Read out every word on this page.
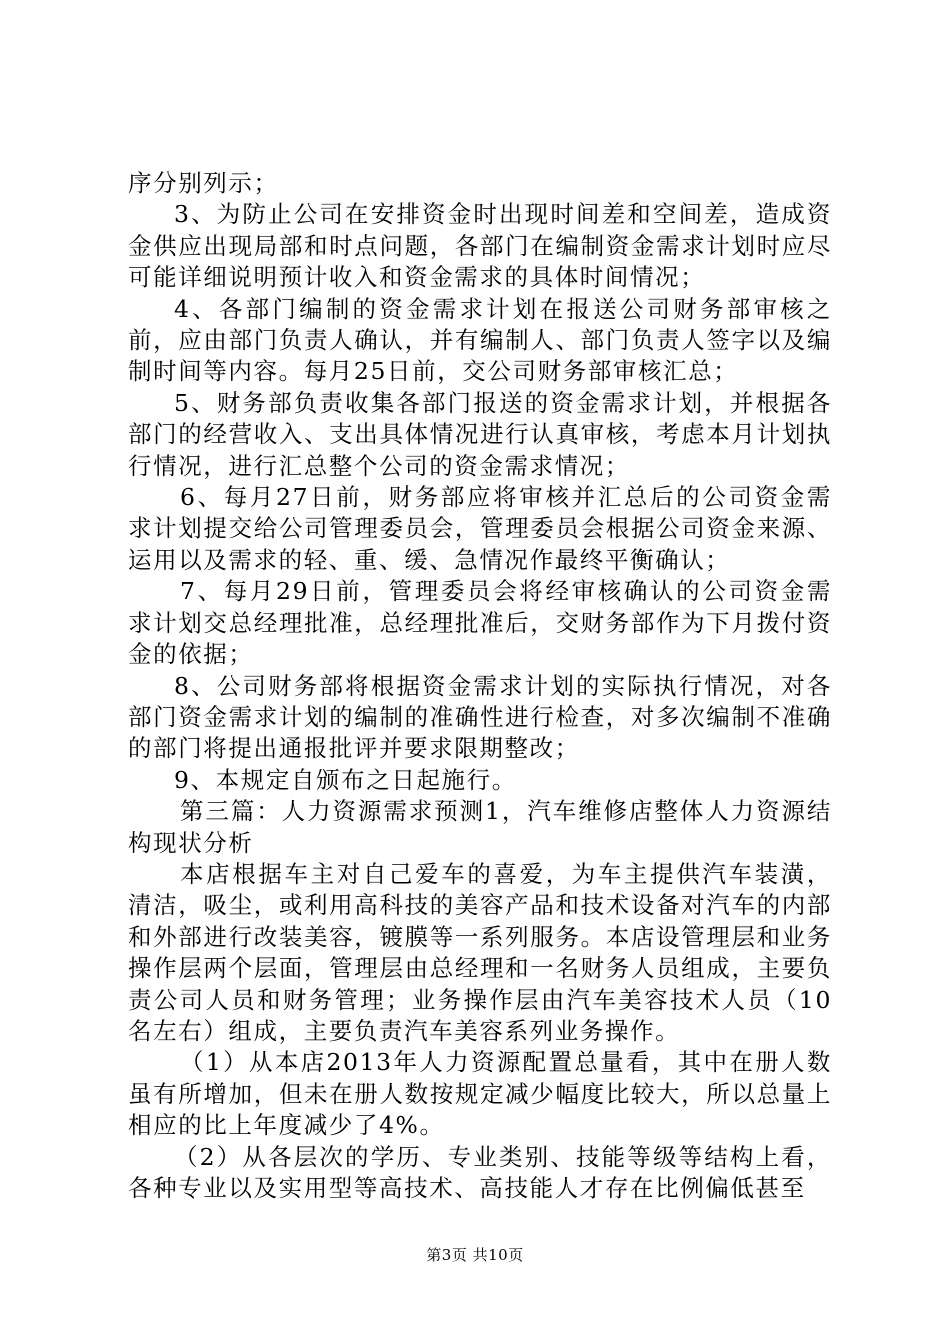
序分别列示；

3、为防止公司在安排资金时出现时间差和空间差，造成资金供应出现局部和时点问题，各部门在编制资金需求计划时应尽可能详细说明预计收入和资金需求的具体时间情况；

4、各部门编制的资金需求计划在报送公司财务部审核之前，应由部门负责人确认，并有编制人、部门负责人签字以及编制时间等内容。每月25日前，交公司财务部审核汇总；

5、财务部负责收集各部门报送的资金需求计划，并根据各部门的经营收入、支出具体情况进行认真审核，考虑本月计划执行情况，进行汇总整个公司的资金需求情况；

6、每月27日前，财务部应将审核并汇总后的公司资金需求计划提交给公司管理委员会，管理委员会根据公司资金来源、运用以及需求的轻、重、缓、急情况作最终平衡确认；

7、每月29日前，管理委员会将经审核确认的公司资金需求计划交总经理批准，总经理批准后，交财务部作为下月拨付资金的依据；

8、公司财务部将根据资金需求计划的实际执行情况，对各部门资金需求计划的编制的准确性进行检查，对多次编制不准确的部门将提出通报批评并要求限期整改；

9、本规定自颁布之日起施行。

第三篇：人力资源需求预测1，汽车维修店整体人力资源结构现状分析

本店根据车主对自己爱车的喜爱，为车主提供汽车装潢，清洁，吸尘，或利用高科技的美容产品和技术设备对汽车的内部和外部进行改装美容，镀膜等一系列服务。本店设管理层和业务操作层两个层面，管理层由总经理和一名财务人员组成，主要负责公司人员和财务管理；业务操作层由汽车美容技术人员（10名左右）组成，主要负责汽车美容系列业务操作。

（1）从本店2013年人力资源配置总量看，其中在册人数虽有所增加，但未在册人数按规定减少幅度比较大，所以总量上相应的比上年度减少了4%。

（2）从各层次的学历、专业类别、技能等级等结构上看，各种专业以及实用型等高技术、高技能人才存在比例偏低甚至

第3页 共10页
